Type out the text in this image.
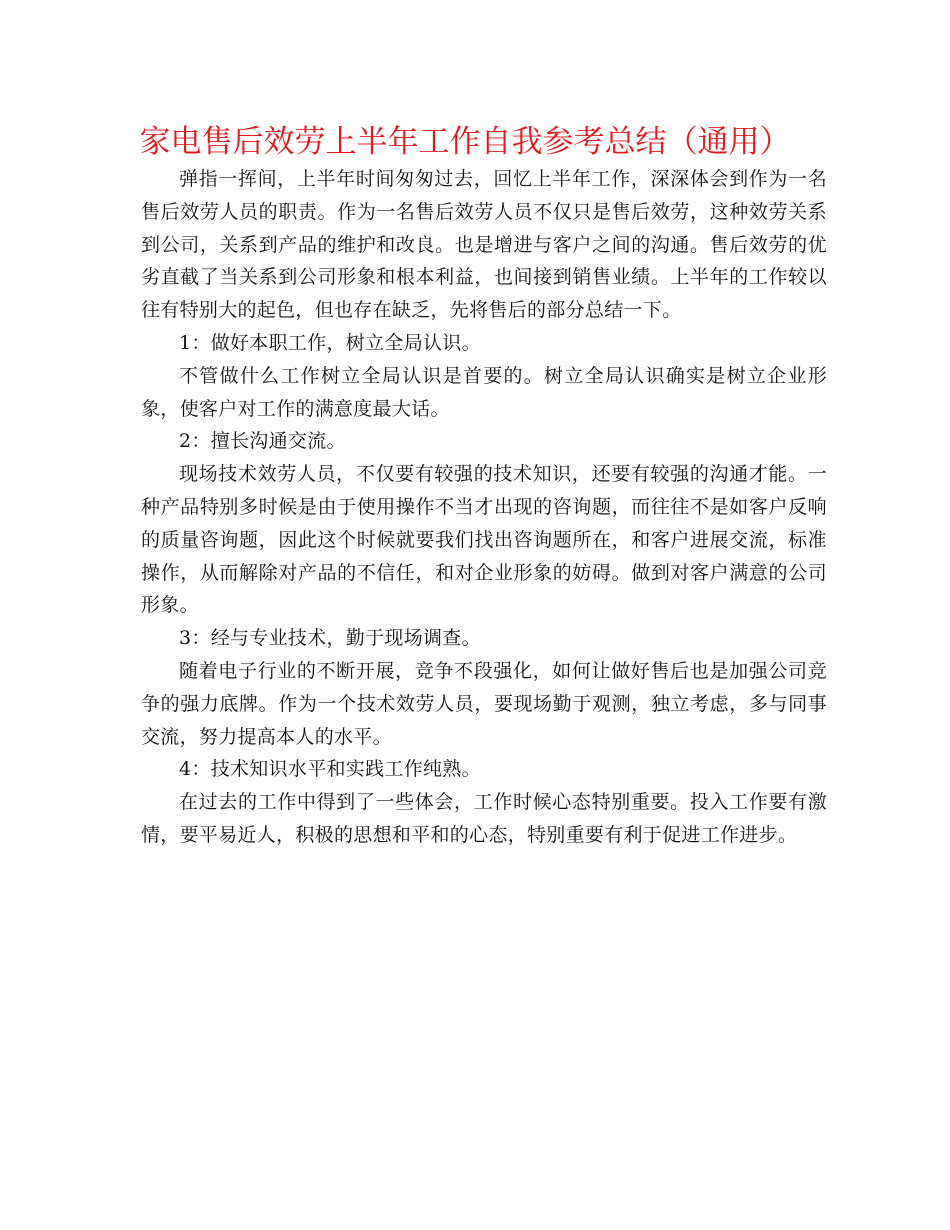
家电售后效劳上半年工作自我参考总结（通用）

弹指一挥间，上半年时间匆匆过去，回忆上半年工作，深深体会到作为一名售后效劳人员的职责。作为一名售后效劳人员不仅只是售后效劳，这种效劳关系到公司，关系到产品的维护和改良。也是增进与客户之间的沟通。售后效劳的优劣直截了当关系到公司形象和根本利益，也间接到销售业绩。上半年的工作较以往有特别大的起色，但也存在缺乏，先将售后的部分总结一下。

1：做好本职工作，树立全局认识。

不管做什么工作树立全局认识是首要的。树立全局认识确实是树立企业形象，使客户对工作的满意度最大话。

2：擅长沟通交流。

现场技术效劳人员，不仅要有较强的技术知识，还要有较强的沟通才能。一种产品特别多时候是由于使用操作不当才出现的咨询题，而往往不是如客户反响的质量咨询题，因此这个时候就要我们找出咨询题所在，和客户进展交流，标准操作，从而解除对产品的不信任，和对企业形象的妨碍。做到对客户满意的公司形象。

3：经与专业技术，勤于现场调查。

随着电子行业的不断开展，竞争不段强化，如何让做好售后也是加强公司竞争的强力底牌。作为一个技术效劳人员，要现场勤于观测，独立考虑，多与同事交流，努力提高本人的水平。

4：技术知识水平和实践工作纯熟。

在过去的工作中得到了一些体会，工作时候心态特别重要。投入工作要有激情，要平易近人，积极的思想和平和的心态，特别重要有利于促进工作进步。
